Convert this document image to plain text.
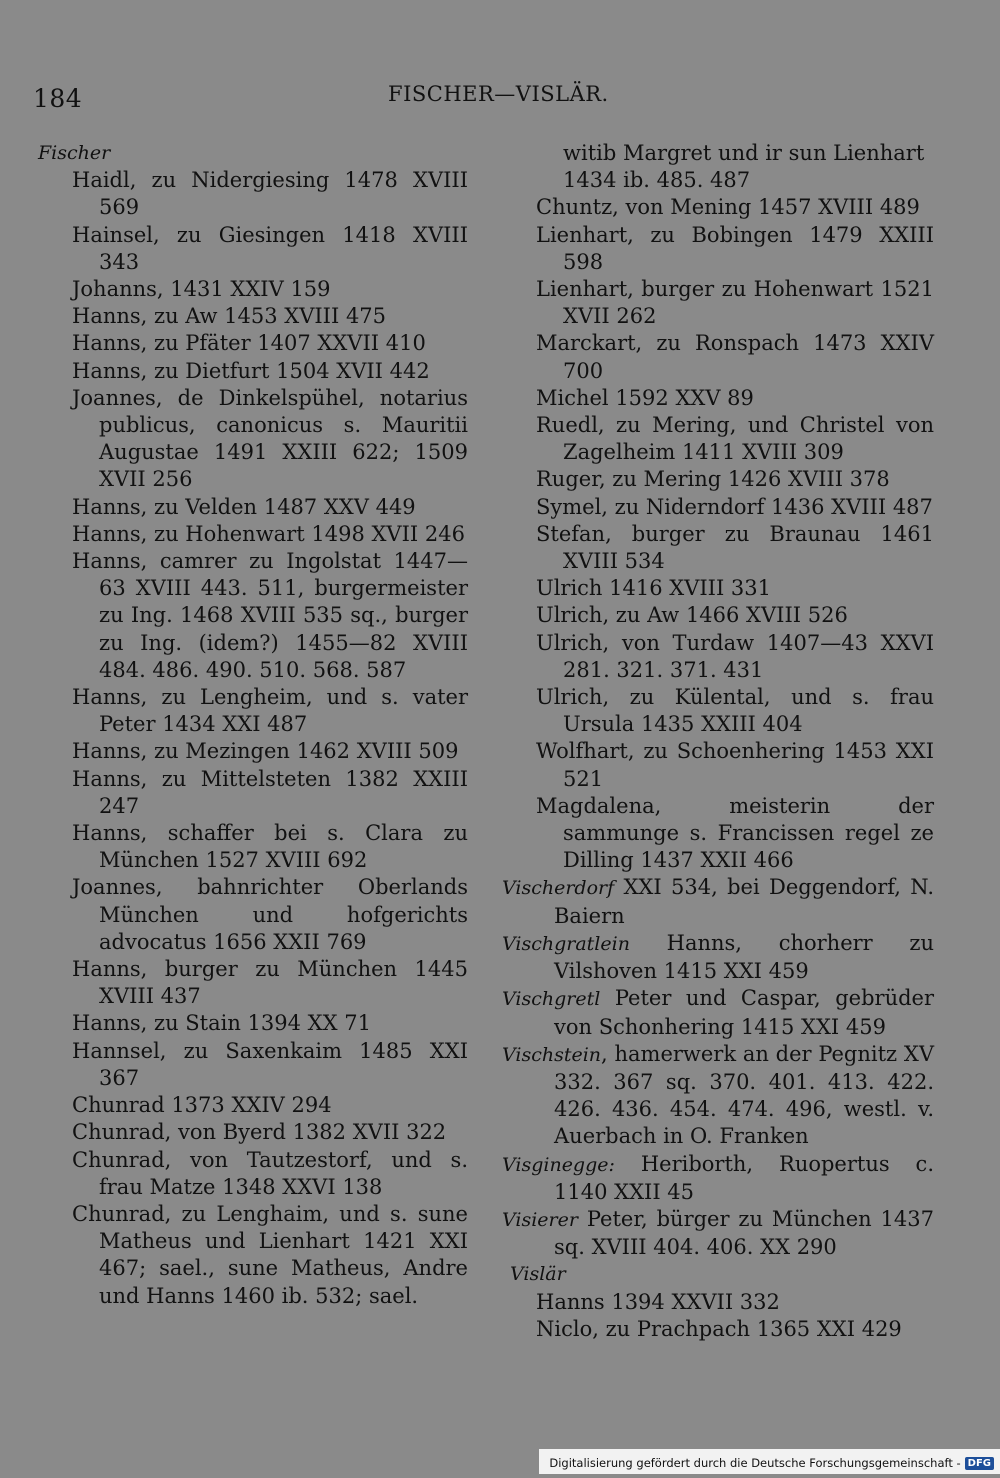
184	FISCHER—VISLÄR.
Fischer
Haidl, zu Nidergiesing 1478 XVIII 569
Hainsel, zu Giesingen 1418 XVIII 343
Johanns, 1431 XXIV 159
Hanns, zu Aw 1453 XVIII 475
Hanns, zu Pfäter 1407 XXVII 410
Hanns, zu Dietfurt 1504 XVII 442
Joannes, de Dinkelspühel, notarius publicus, canonicus s. Mauritii Augustae 1491 XXIII 622; 1509 XVII 256
Hanns, zu Velden 1487 XXV 449
Hanns, zu Hohenwart 1498 XVII 246
Hanns, camrer zu Ingolstat 1447—63 XVIII 443. 511, burgermeister zu Ing. 1468 XVIII 535 sq., burger zu Ing. (idem?) 1455—82 XVIII 484. 486. 490. 510. 568. 587
Hanns, zu Lengheim, und s. vater Peter 1434 XXI 487
Hanns, zu Mezingen 1462 XVIII 509
Hanns, zu Mittelsteten 1382 XXIII 247
Hanns, schaffer bei s. Clara zu München 1527 XVIII 692
Joannes, bahnrichter Oberlands München und hofgerichts advocatus 1656 XXII 769
Hanns, burger zu München 1445 XVIII 437
Hanns, zu Stain 1394 XX 71
Hannsel, zu Saxenkaim 1485 XXI 367
Chunrad 1373 XXIV 294
Chunrad, von Byerd 1382 XVII 322
Chunrad, von Tautzestorf, und s. frau Matze 1348 XXVI 138
Chunrad, zu Lenghaim, und s. sune Matheus und Lienhart 1421 XXI 467; sael., sune Matheus, Andre und Hanns 1460 ib. 532; sael.
witib Margret und ir sun Lienhart 1434 ib. 485. 487
Chuntz, von Mening 1457 XVIII 489
Lienhart, zu Bobingen 1479 XXIII 598
Lienhart, burger zu Hohenwart 1521 XVII 262
Marckart, zu Ronspach 1473 XXIV 700
Michel 1592 XXV 89
Ruedl, zu Mering, und Christel von Zagelheim 1411 XVIII 309
Ruger, zu Mering 1426 XVIII 378
Symel, zu Niderndorf 1436 XVIII 487
Stefan, burger zu Braunau 1461 XVIII 534
Ulrich 1416 XVIII 331
Ulrich, zu Aw 1466 XVIII 526
Ulrich, von Turdaw 1407—43 XXVI 281. 321. 371. 431
Ulrich, zu Külental, und s. frau Ursula 1435 XXIII 404
Wolfhart, zu Schoenhering 1453 XXI 521
Magdalena, meisterin der sammunge s. Francissen regel ze Dilling 1437 XXII 466
Vischerdorf XXI 534, bei Deggendorf, N. Baiern
Vischgratlein Hanns, chorherr zu Vilshoven 1415 XXI 459
Vischgretl Peter und Caspar, gebrüder von Schonhering 1415 XXI 459
Vischstein, hamerwerk an der Pegnitz XV 332. 367 sq. 370. 401. 413. 422. 426. 436. 454. 474. 496, westl. v. Auerbach in O. Franken
Visginegge: Heriborth, Ruopertus c. 1140 XXII 45
Visierer Peter, bürger zu München 1437 sq. XVIII 404. 406. XX 290
Vislär
Hanns 1394 XXVII 332
Niclo, zu Prachpach 1365 XXI 429
Digitalisierung gefördert durch die Deutsche Forschungsgemeinschaft - DFG
